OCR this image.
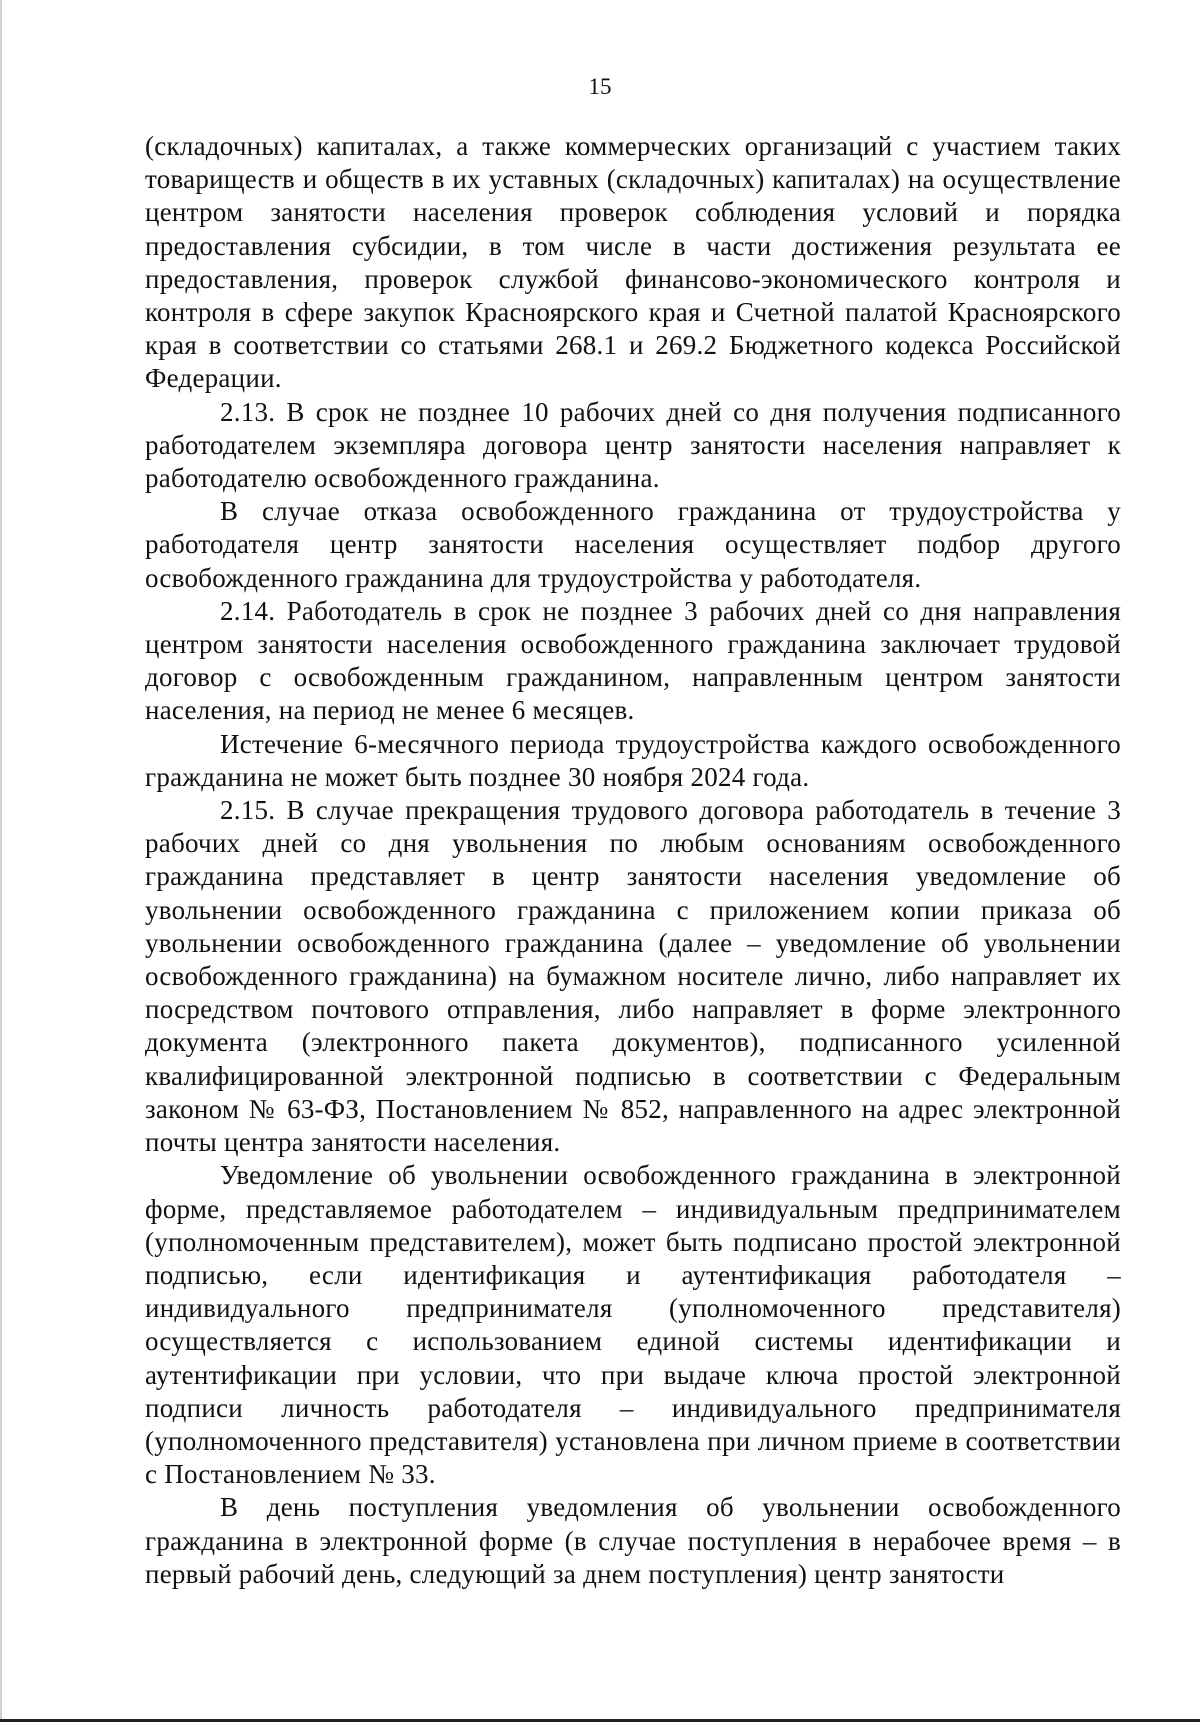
15

(складочных) капиталах, а также коммерческих организаций с участием таких товариществ и обществ в их уставных (складочных) капиталах) на осуществление центром занятости населения проверок соблюдения условий и порядка предоставления субсидии, в том числе в части достижения результата ее предоставления, проверок службой финансово-экономического контроля и контроля в сфере закупок Красноярского края и Счетной палатой Красноярского края в соответствии со статьями 268.1 и 269.2 Бюджетного кодекса Российской Федерации.

2.13. В срок не позднее 10 рабочих дней со дня получения подписанного работодателем экземпляра договора центр занятости населения направляет к работодателю освобожденного гражданина.

В случае отказа освобожденного гражданина от трудоустройства у работодателя центр занятости населения осуществляет подбор другого освобожденного гражданина для трудоустройства у работодателя.

2.14. Работодатель в срок не позднее 3 рабочих дней со дня направления центром занятости населения освобожденного гражданина заключает трудовой договор с освобожденным гражданином, направленным центром занятости населения, на период не менее 6 месяцев.

Истечение 6-месячного периода трудоустройства каждого освобожденного гражданина не может быть позднее 30 ноября 2024 года.

2.15. В случае прекращения трудового договора работодатель в течение 3 рабочих дней со дня увольнения по любым основаниям освобожденного гражданина представляет в центр занятости населения уведомление об увольнении освобожденного гражданина с приложением копии приказа об увольнении освобожденного гражданина (далее – уведомление об увольнении освобожденного гражданина) на бумажном носителе лично, либо направляет их посредством почтового отправления, либо направляет в форме электронного документа (электронного пакета документов), подписанного усиленной квалифицированной электронной подписью в соответствии с Федеральным законом № 63-ФЗ, Постановлением № 852, направленного на адрес электронной почты центра занятости населения.

Уведомление об увольнении освобожденного гражданина в электронной форме, представляемое работодателем – индивидуальным предпринимателем (уполномоченным представителем), может быть подписано простой электронной подписью, если идентификация и аутентификация работодателя – индивидуального предпринимателя (уполномоченного представителя) осуществляется с использованием единой системы идентификации и аутентификации при условии, что при выдаче ключа простой электронной подписи личность работодателя – индивидуального предпринимателя (уполномоченного представителя) установлена при личном приеме в соответствии с Постановлением № 33.

В день поступления уведомления об увольнении освобожденного гражданина в электронной форме (в случае поступления в нерабочее время – в первый рабочий день, следующий за днем поступления) центр занятости
